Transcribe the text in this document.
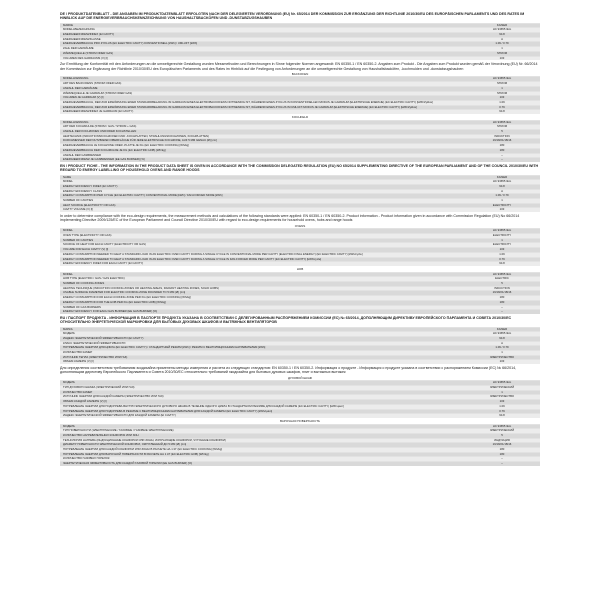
DE / PRODUKTDATENBLATT - DIE ANGABEN IM PRODUKTDATENBLATT ERFOLGTEN NACH DER DELEGIERTEN VERORDNUNG (EU) Nr. 65/2014 DER KOMMISSION ZUR ERGÄNZUNG DER RICHTLINIE 2010/30/EU DES EUROPÄISCHEN PARLAMENTS UND DES RATES IM HINBLICK AUF DIE ENERGIEVERBRAUCHSKENNZEICHNUNG VON HAUSHALTSBACKÖFEN UND -DUNSTABZUGSHAUBEN

MARKE	KAISER
MODELLBEZEICHNUNG	HC 93655 IEm
ENERGIEEFFIZIENZINDEX (EI CAVITY)	94.8
ENERGIEEFFIZIENZKLASSE	A
ENERGIEVERBRAUCH PRO ZYKLUS (EC ELECTRIC CAVITY) KONVENTIONELL [kWh] / UMLUFT [kWh]	1.09 / 0.79
ZAHL DER GARRÄUME	1
WÄRMEQUELLE (STROM ODER GAS)	STROM
VOLUMEN DES GARRAUMS (V) [l]	103

Zur Ermittlung der Konformität mit den Anforderungen an die umweltgerechte Gestaltung wurden Messmethoden und Berechnungen in Sinne folgender Normen angewandt: EN 60350-1 / EN 60350-2. Angaben zum Produkt - Die Angaben zum Produkt wurden gemäß der Verordnung (EU) Nr. 66/2014 der Kommission zur Ergänzung der Richtlinie 2010/30/EU des Europäischen Parlaments und des Rates im Hinblick auf die Festlegung von Anforderungen an die umweltgerechte Gestaltung von Haushaltsbacköfen, -kochmulden und -dunstabzugshauben

BACKOFEN

MODELLKENNUNG	HC 93655 IEm
ART DES BACKOFENS (STROM ODER GAS)	STROM
ANZAHL DER GARRÄUME	1
WÄRMEQUELLE JE GARRAUM (STROM ODER GAS)	STROM
VOLUMEN JE GARRAUM (V) [l]	103
ENERGIEVERBRAUCH, DER ZUR ERWÄRMUNG EINER STANDARDBELADUNG IM GARRAUM EINES ELEKTROBACKOFENS NOTWENDIG IST, WÄHREND EINES ZYKLUS IM KONVENTIONELLEN MODUS JE GARRAUM (ELEKTRISCHE ENERGIE) (EC ELECTRIC CAVITY) [kWh/Zyklus]	1.09
ENERGIEVERBRAUCH, DER ZUR ERWÄRMUNG EINER STANDARDBELADUNG IM GARRAUM EINES ELEKTROBACKOFENS NOTWENDIG IST, WÄHREND EINES ZYKLUS IM UMLUFT-MODUS JE GARRAUM (ELEKTRISCHE ENERGIE) (EC ELECTRIC CAVITY) [kWh/Zyklus]	0.79
ENERGIEEFFIZIENZINDEX JE GARRAUM (EI CAVITY)	94.8

KOCHFELD

MODELLKENNUNG	HC 93655 IEm
ART DER KOCHMULDE (STROM / GAS / STROM + GAS)	STROM
ANZAHL DER KOCHZONEN UND/ODER KOCHSTELLEN	5
HEIZTECHNIK (INDUKTIONSKOCHZONEN UND -KOCHPLATTEN, STRAHLUNGSKOCHZONEN, KOCHPLATTEN)	INDUKTION
DURCHMESSER DER NUTZBAREN OBERFLÄCHE FÜR JEDE ELEKTRISCHE KOCHZONE, AUF 5 MM GENAU (Ø) [cm]	16/18/21/18/16
ENERGIEVERBRAUCH JE KOCHZONE ODER -PLATTE JE KG (EC ELECTRIC COOKING) [Wh/kg]	180
ENERGIEVERBRAUCH DER KOCHMULDE JE KG (EC ELECTRIC HOB) [Wh/kg]	180
ANZAHL DER GASBRENNER	--
ENERGIEEFFIZIENZ JE GASBRENNER (EE GAS BURNER) [%]	--

EN / PRODUCT FICHE - THE INFORMATION IN THE PRODUCT DATA SHEET IS GIVEN IN ACCORDANCE WITH THE COMMISSION DELEGATED REGULATION (EU) NO 65/2014 SUPPLEMENTING DIRECTIVE OF THE EUROPEAN PARLIAMENT AND OF THE COUNCIL 2010/30/EU WITH REGARD TO ENERGY LABELLING OF HOUSEHOLD OVENS AND RANGE HOODS

NAME	KAISER
MODEL	HC 93655 IEm
ENERGY EFFICIENCY INDEX (EI CAVITY)	94.8
ENERGY EFFICIENCY CLASS	A
ENERGY CONSUMPTION PER CYCLE (EC ELECTRIC CAVITY) CONVENTIONAL MODE [kWh] / FAN-FORCED MODE [kWh]	1.09 / 0.79
NUMBER OF CAVITIES	1
HEAT SOURCE (ELECTRICITY OR GAS)	ELECTRICITY
CAVITY VOLUME (V) [l]	103

In order to determine compliance with the eco-design requirements, the measurement methods and calculations of the following standards were applied: EN 60350-1 / EN 60350-2. Product information - Product information given in accordance with Commission Regulation (EU) No 66/2014 implementing Directive 2009/125/EC of the European Parliament and Council Directive 2010/30/EU with regard to eco-design requirements for household ovens, hobs and range hoods

OVENS

MODEL	HC 93655 IEm
OVEN TYPE (ELECTRICITY OR GAS)	ELECTRICITY
NUMBER OF CAVITIES	1
SOURCE OF HEAT FOR EACH CAVITY (ELECTRICITY OR GAS)	ELECTRICITY
VOLUME FOR EACH CAVITY (V) [l]	103
ENERGY CONSUMPTION NEEDED TO HEAT A STANDARD LOAD IN AN ELECTRIC OVEN CAVITY DURING A SINGLE CYCLE IN CONVENTIONAL MODE PER CAVITY (ELECTRIC FINAL ENERGY) (EC ELECTRIC CAVITY) [kWh/cycle]	1.09
ENERGY CONSUMPTION NEEDED TO HEAT A STANDARD LOAD IN AN ELECTRIC OVEN CAVITY DURING A SINGLE CYCLE IN FAN-FORCED MODE PER CAVITY (EC ELECTRIC CAVITY) [kWh/cycle]	0.79
ENERGY EFFICIENCY INDEX FOR EACH CAVITY (EI CAVITY)	94.8

HOB

MODEL	HC 93655 IEm
HOB TYPE (ELECTRIC / GAS / GAS ELECTRIC)	ELECTRIC
NUMBER OF COOKING ZONES	5
HEATING TECHNIQUE (INDUCTION COOKING ZONES OR HEATING AREAS, RADIANT HEATING ZONES, SOLID HOBS)	INDUCTION
USABLE SURFACE DIAMETER FOR ELECTRIC COOKING ZONE ROUNDED TO 5 MM (Ø) [cm]	16/18/21/18/16
ENERGY CONSUMPTION FOR EACH COOKING ZONE PER KG (EC ELECTRIC COOKING) [Wh/kg]	180
ENERGY CONSUMPTION FOR THE HOB PER KG (EC ELECTRIC HOB) [Wh/kg]	180
NUMBER OF GAS BURNERS	--
ENERGY EFFICIENCY FOR EACH GAS BURNER (EE GAS BURNER) [%]	--

RU / ПАСПОРТ ПРОДУКТА - ИНФОРМАЦИЯ В ПАСПОРТЕ ПРОДУКТА УКАЗАНА В СООТВЕТСТВИИ С ДЕЛЕГИРОВАННЫМ РАСПОРЯЖЕНИЕМ КОМИССИИ (ЕС) № 65/2014, ДОПОЛНЯЮЩИМ ДИРЕКТИВУ ЕВРОПЕЙСКОГО ПАРЛАМЕНТА И СОВЕТА 2010/30/ЕС ОТНОСИТЕЛЬНО ЭНЕРГЕТИЧЕСКОЙ МАРКИРОВКИ ДЛЯ БЫТОВЫХ ДУХОВЫХ ШКАФОВ И ВЫТЯЖНЫХ ВЕНТИЛЯТОРОВ

МАРКА	KAISER
МОДЕЛЬ	HC 93655 IEm
ИНДЕКС ЭНЕРГЕТИЧЕСКОЙ ЭФФЕКТИВНОСТИ (EI CAVITY)	94.8
КЛАСС ЭНЕРГЕТИЧЕСКОЙ ЭФФЕКТИВНОСТИ	A
ПОТРЕБЛЕНИЕ ЭНЕРГИИ ДЛЯ ЦИКЛА (EC ELECTRIC CAVITY) / СТАНДАРТНЫЙ РЕЖИМ [kWh] / РЕЖИМ С ВЕНТИЛЯЦИОННЫМ НАГРЕВАТЕЛЕМ [kWh]	1.09 / 0.79
КОЛИЧЕСТВО КАМЕР	1
ИСТОЧНИК ТЕПЛА (ЭЛЕКТРИЧЕСТВО ИЛИ ГАЗ)	ЭЛЕКТРИЧЕСТВО
ОБЪЕМ КАМЕРЫ (V) [l]	103

Для определения соответствия требованиям экодизайна применены методы измерения и расчета из следующих стандартов: EN 60350-1 / EN 60350-2. Информация о продукте - Информация о продукте указана в соответствии с распоряжением Комиссии (ЕС) № 66/2014, дополняющим директиву Европейского Парламента и Совета 2010/30/ЕС относительно требований экодизайна для бытовых духовых шкафов, плит и вытяжных вытяжек

ДУХОВОЙ ШКАФ

МОДЕЛЬ	HC 93655 IEm
ТИП ДУХОВОГО ШКАФА (ЭЛЕКТРИЧЕСКИЙ ИЛИ ГАЗ)	ЭЛЕКТРИЧЕСКИЙ
КОЛИЧЕСТВО КАМЕР	1
ИСТОЧНИК ЭНЕРГИИ ДЛЯ КАЖДОЙ КАМЕРЫ (ЭЛЕКТРИЧЕСТВО ИЛИ ГАЗ)	ЭЛЕКТРИЧЕСТВО
ОБЪЕМ КАЖДОЙ КАМЕРЫ (V) [l]	103
ПОТРЕБЛЕНИЕ ЭНЕРГИИ ДЛЯ ПОДОГРЕВА ВНУТРИ ЭЛЕКТРИЧЕСКОГО ДУХОВОГО ШКАФА В ТЕЧЕНИЕ ОДНОГО ЦИКЛА В СТАНДАРТНОМ РЕЖИМЕ ДЛЯ КАЖДОЙ КАМЕРЫ (EC ELECTRIC CAVITY) [kWh/цикл]	1.09
ПОТРЕБЛЕНИЕ ЭНЕРГИИ ДЛЯ ПОДОГРЕВА В РЕЖИМЕ С ВЕНТИЛЯЦИОННЫМ НАГРЕВАТЕЛЕМ ДЛЯ КАЖДОЙ КАМЕРЫ (EC ELECTRIC CAVITY) [kWh/цикл]	0.79
ИНДЕКС ЭНЕРГЕТИЧЕСКОЙ ЭФФЕКТИВНОСТИ ДЛЯ КАЖДОЙ КАМЕРЫ (EI CAVITY)	94.8

ВАРОЧНАЯ ПОВЕРХНОСТЬ

МОДЕЛЬ	HC 93655 IEm
ТИП ПОВЕРХНОСТИ (ЭЛЕКТРИЧЕСКИЕ / ГАЗОВЫЕ / ГАЗОВЫЕ ЭЛЕКТРИЧЕСКИЕ)	ЭЛЕКТРИЧЕСКИЙ
КОЛИЧЕСТВО НАГРЕВАТЕЛЬНЫХ КОНФОРОК ИЛИ ЗОН	5
ТЕХНОЛОГИЯ НАГРЕВА (ИНДУКЦИОННЫЕ КОНФОРКИ ИЛИ ЗОНЫ, ИЗЛУЧАЮЩИЕ КОНФОРКИ, ЧУГУННЫЕ КОНФОРКИ)	ИНДУКЦИЯ
ДИАМЕТР ПОВЕРХНОСТИ ЭЛЕКТРИЧЕСКОЙ КОНФОРКИ, ОКРУГЛЕННЫЙ ДО 5 ММ (Ø) [cm]	16/18/21/18/16
ПОТРЕБЛЕНИЕ ЭНЕРГИИ ДЛЯ КАЖДОЙ КОНФОРКИ ИЛИ ЗОНЫ В РАСЧЕТЕ НА 1 КГ (EC ELECTRIC COOKING) [Wh/kg]	180
ПОТРЕБЛЕНИЕ ЭНЕРГИИ ДЛЯ ВАРОЧНОЙ ПОВЕРХНОСТИ В РАСЧЕТЕ НА 1 КГ (EC ELECTRIC HOB) [Wh/kg]	180
КОЛИЧЕСТВО ГАЗОВЫХ ГОРЕЛОК	--
ЭНЕРГЕТИЧЕСКАЯ ЭФФЕКТИВНОСТЬ ДЛЯ КАЖДОЙ ГАЗОВОЙ ГОРЕЛКИ (EE GAS BURNER) [%]	--
